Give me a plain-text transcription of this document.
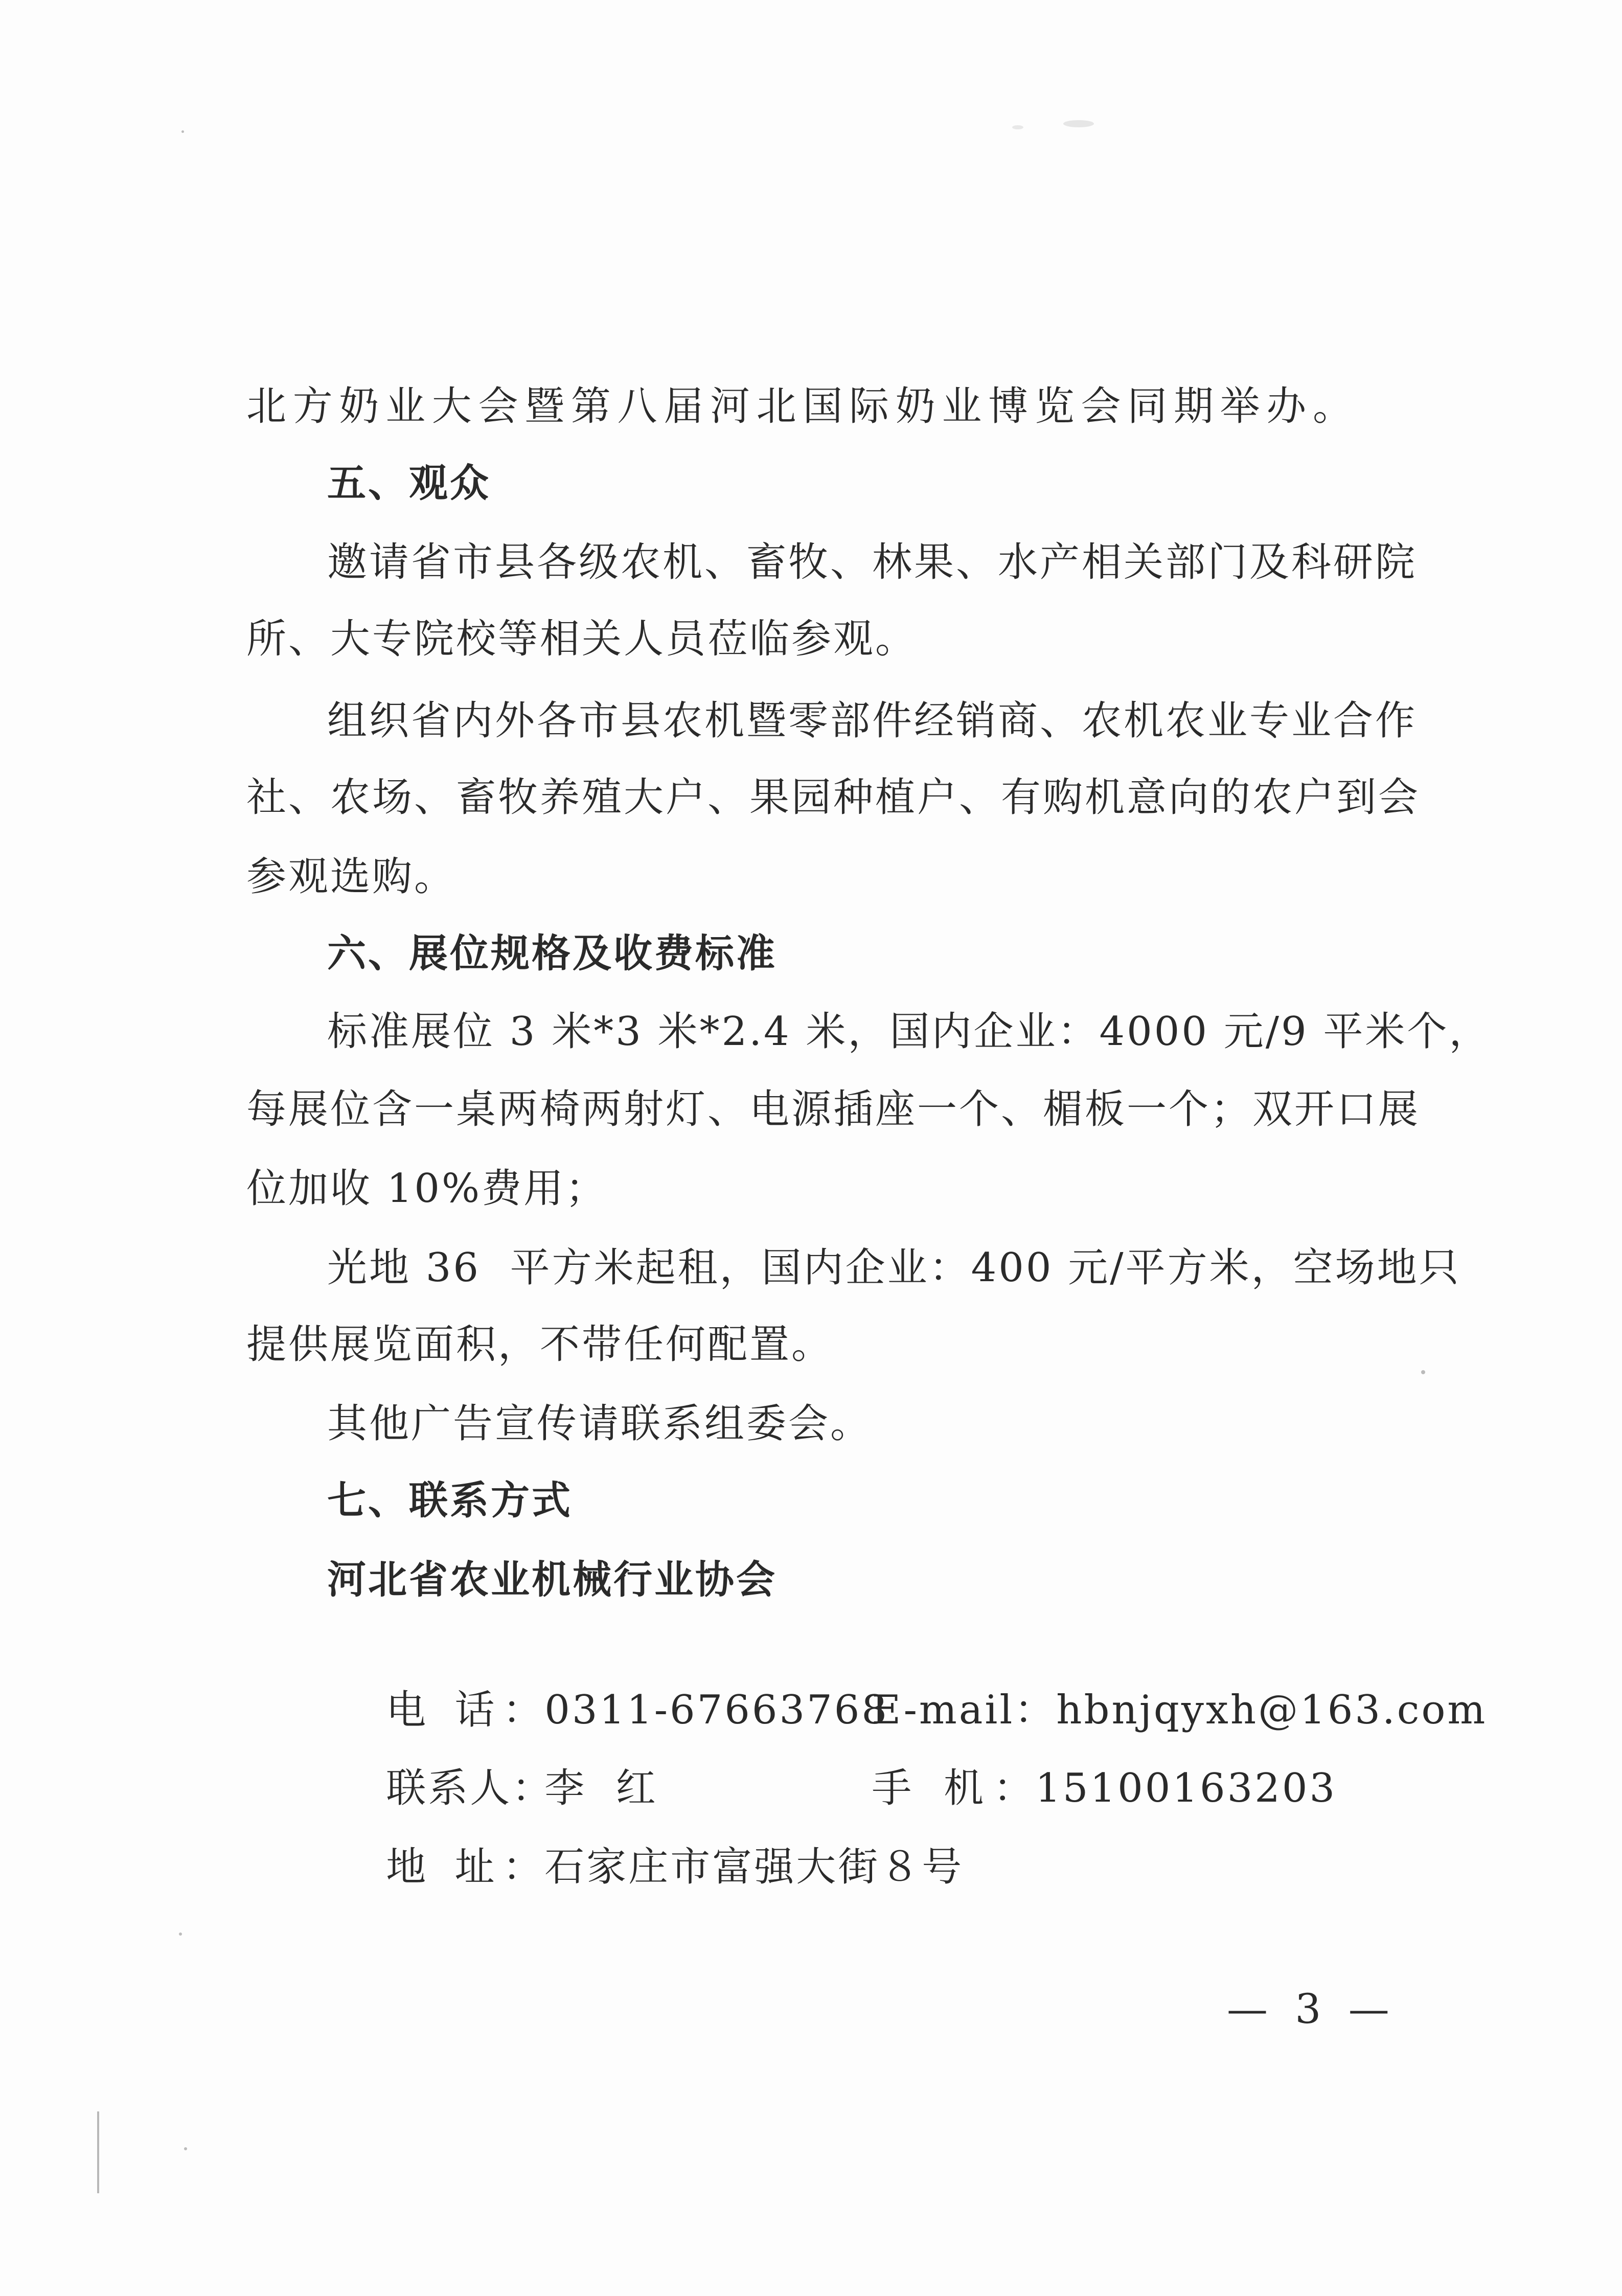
北方奶业大会暨第八届河北国际奶业博览会同期举办。
五、观众
邀请省市县各级农机、畜牧、林果、水产相关部门及科研院
所、大专院校等相关人员莅临参观。
组织省内外各市县农机暨零部件经销商、农机农业专业合作
社、农场、畜牧养殖大户、果园种植户、有购机意向的农户到会
参观选购。
六、展位规格及收费标准
标准展位 3 米*3 米*2.4 米，国内企业：4000 元/9 平米个，
每展位含一桌两椅两射灯、电源插座一个、楣板一个；双开口展
位加收 10%费用；
光地 36  平方米起租，国内企业：400 元/平方米，空场地只
提供展览面积，不带任何配置。
其他广告宣传请联系组委会。
七、联系方式
河北省农业机械行业协会

电 话：0311-67663768E-mail：hbnjqyxh@163.com

联系人：李  红	手 机：15100163203

地 址：石家庄市富强大街８号

— 3 —
